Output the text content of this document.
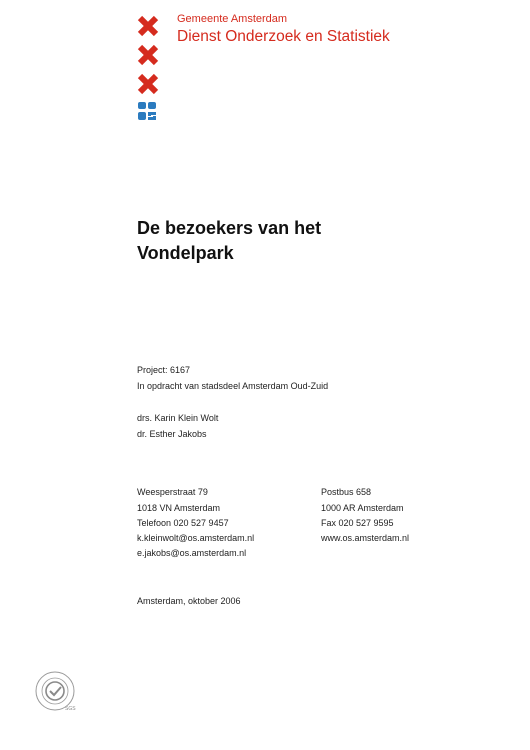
Gemeente Amsterdam
Dienst Onderzoek en Statistiek
De bezoekers van het
Vondelpark
Project: 6167
In opdracht van stadsdeel Amsterdam Oud-Zuid
drs. Karin Klein Wolt
dr. Esther Jakobs
Weesperstraat 79
1018 VN Amsterdam
Telefoon 020 527 9457
k.kleinwolt@os.amsterdam.nl
e.jakobs@os.amsterdam.nl
Postbus 658
1000 AR Amsterdam
Fax 020 527 9595
www.os.amsterdam.nl
Amsterdam, oktober 2006
SGS
